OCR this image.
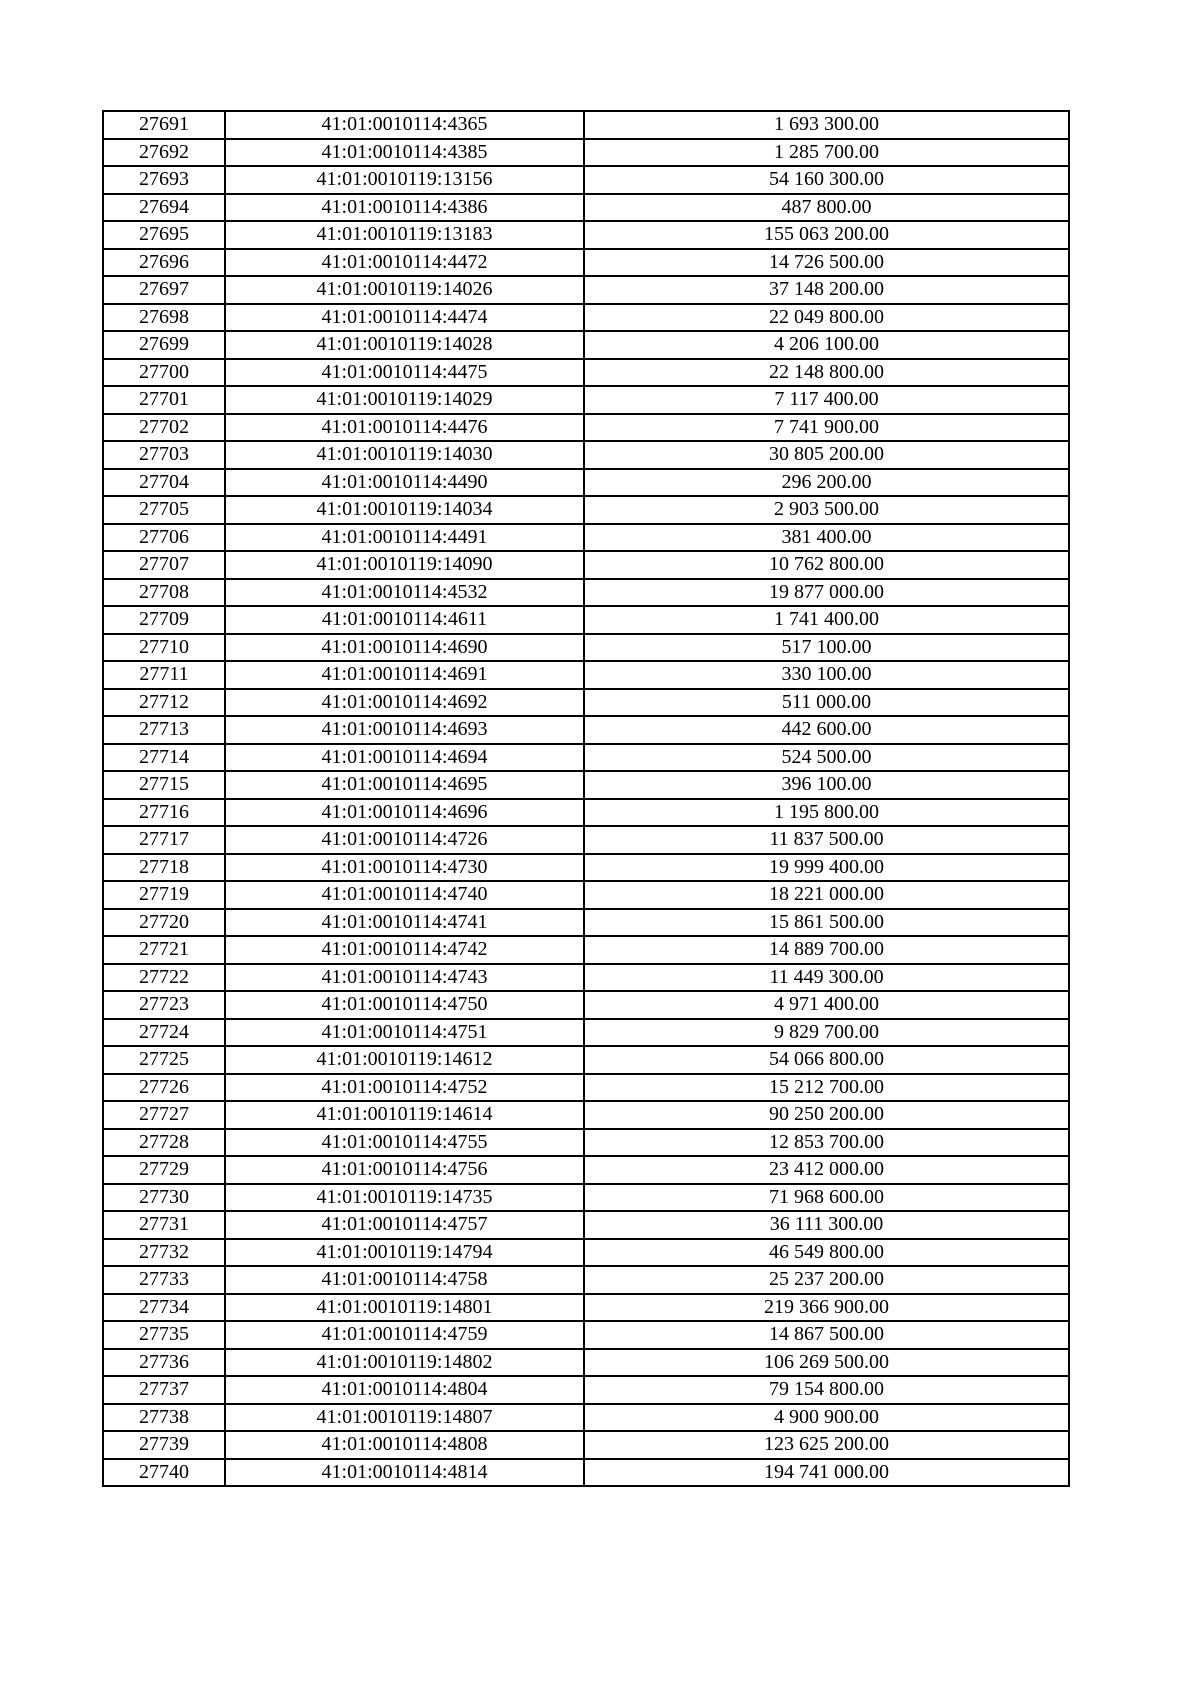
27691	41:01:0010114:4365	1 693 300.00
27692	41:01:0010114:4385	1 285 700.00
27693	41:01:0010119:13156	54 160 300.00
27694	41:01:0010114:4386	487 800.00
27695	41:01:0010119:13183	155 063 200.00
27696	41:01:0010114:4472	14 726 500.00
27697	41:01:0010119:14026	37 148 200.00
27698	41:01:0010114:4474	22 049 800.00
27699	41:01:0010119:14028	4 206 100.00
27700	41:01:0010114:4475	22 148 800.00
27701	41:01:0010119:14029	7 117 400.00
27702	41:01:0010114:4476	7 741 900.00
27703	41:01:0010119:14030	30 805 200.00
27704	41:01:0010114:4490	296 200.00
27705	41:01:0010119:14034	2 903 500.00
27706	41:01:0010114:4491	381 400.00
27707	41:01:0010119:14090	10 762 800.00
27708	41:01:0010114:4532	19 877 000.00
27709	41:01:0010114:4611	1 741 400.00
27710	41:01:0010114:4690	517 100.00
27711	41:01:0010114:4691	330 100.00
27712	41:01:0010114:4692	511 000.00
27713	41:01:0010114:4693	442 600.00
27714	41:01:0010114:4694	524 500.00
27715	41:01:0010114:4695	396 100.00
27716	41:01:0010114:4696	1 195 800.00
27717	41:01:0010114:4726	11 837 500.00
27718	41:01:0010114:4730	19 999 400.00
27719	41:01:0010114:4740	18 221 000.00
27720	41:01:0010114:4741	15 861 500.00
27721	41:01:0010114:4742	14 889 700.00
27722	41:01:0010114:4743	11 449 300.00
27723	41:01:0010114:4750	4 971 400.00
27724	41:01:0010114:4751	9 829 700.00
27725	41:01:0010119:14612	54 066 800.00
27726	41:01:0010114:4752	15 212 700.00
27727	41:01:0010119:14614	90 250 200.00
27728	41:01:0010114:4755	12 853 700.00
27729	41:01:0010114:4756	23 412 000.00
27730	41:01:0010119:14735	71 968 600.00
27731	41:01:0010114:4757	36 111 300.00
27732	41:01:0010119:14794	46 549 800.00
27733	41:01:0010114:4758	25 237 200.00
27734	41:01:0010119:14801	219 366 900.00
27735	41:01:0010114:4759	14 867 500.00
27736	41:01:0010119:14802	106 269 500.00
27737	41:01:0010114:4804	79 154 800.00
27738	41:01:0010119:14807	4 900 900.00
27739	41:01:0010114:4808	123 625 200.00
27740	41:01:0010114:4814	194 741 000.00
